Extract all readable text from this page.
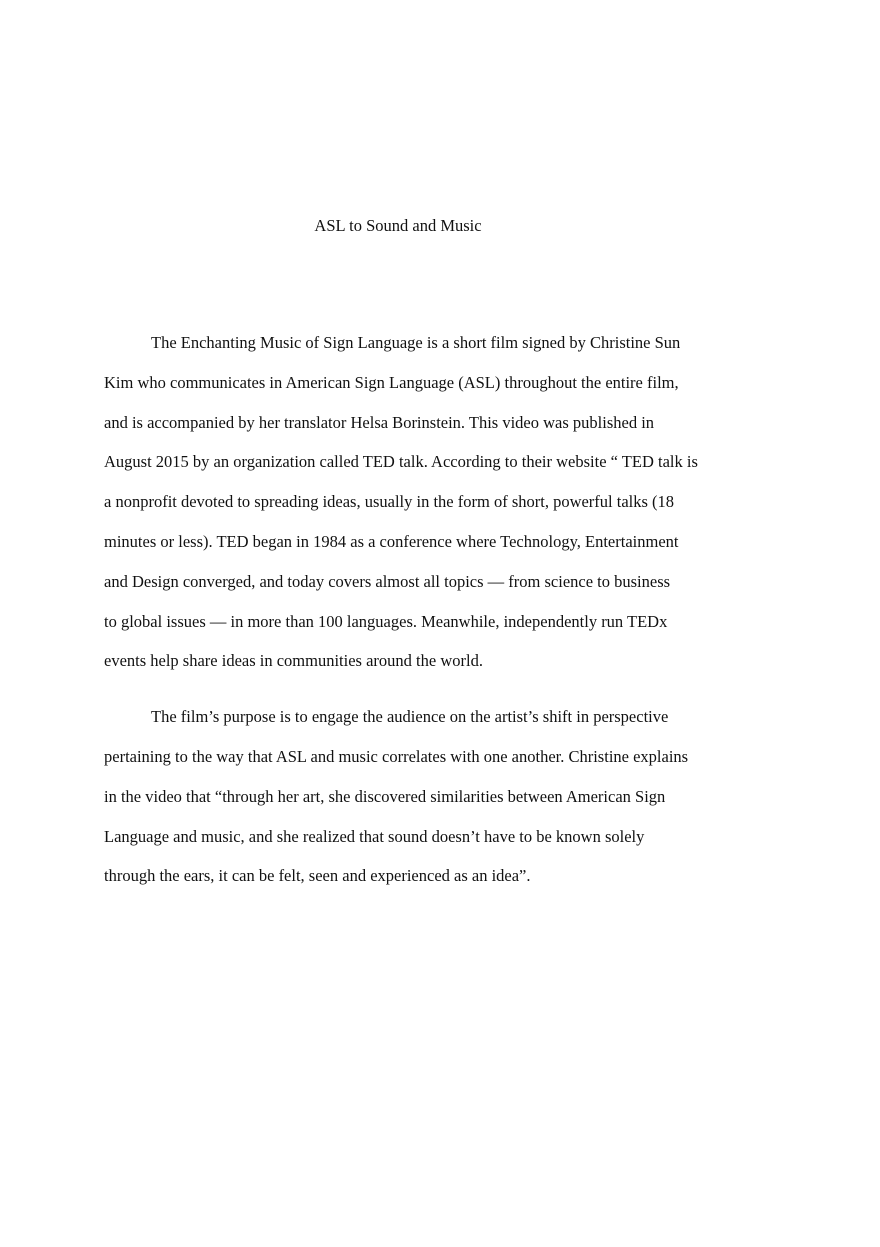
ASL to Sound and Music

The Enchanting Music of Sign Language is a short film signed by Christine Sun
Kim who communicates in American Sign Language (ASL) throughout the entire film,
and is accompanied by her translator Helsa Borinstein. This video was published in
August 2015 by an organization called TED talk. According to their website “ TED talk is
a nonprofit devoted to spreading ideas, usually in the form of short, powerful talks (18
minutes or less). TED began in 1984 as a conference where Technology, Entertainment
and Design converged, and today covers almost all topics — from science to business
to global issues — in more than 100 languages. Meanwhile, independently run TEDx
events help share ideas in communities around the world.

The film’s purpose is to engage the audience on the artist’s shift in perspective
pertaining to the way that ASL and music correlates with one another. Christine explains
in the video that “through her art, she discovered similarities between American Sign
Language and music, and she realized that sound doesn’t have to be known solely
through the ears, it can be felt, seen and experienced as an idea”.
